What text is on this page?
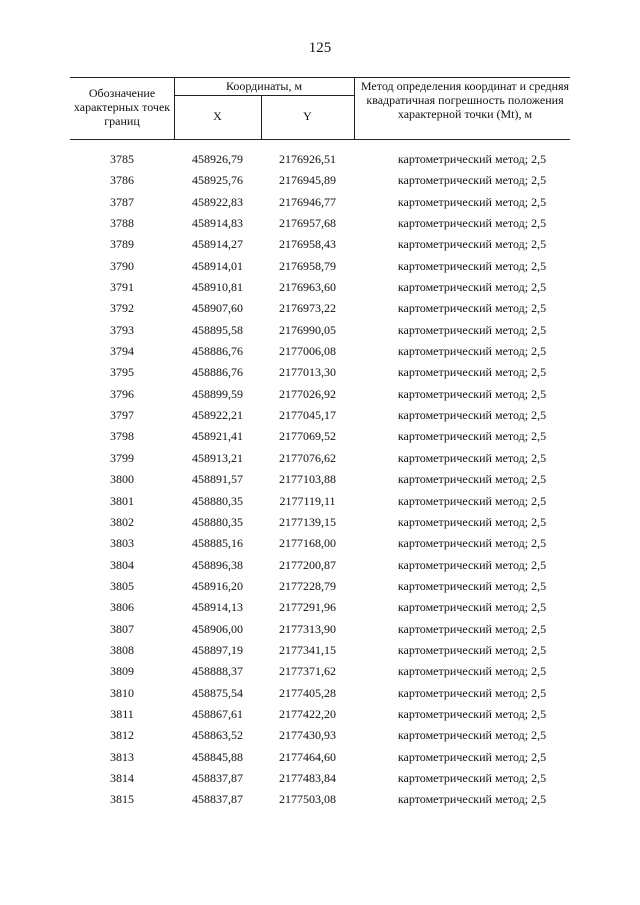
125
Обозначение характерных точек границ
Координаты, м
X	Y
Метод определения координат и средняя квадратичная погрешность положения характерной точки (Mt), м
3785	458926,79	2176926,51	картометрический метод; 2,5
3786	458925,76	2176945,89	картометрический метод; 2,5
3787	458922,83	2176946,77	картометрический метод; 2,5
3788	458914,83	2176957,68	картометрический метод; 2,5
3789	458914,27	2176958,43	картометрический метод; 2,5
3790	458914,01	2176958,79	картометрический метод; 2,5
3791	458910,81	2176963,60	картометрический метод; 2,5
3792	458907,60	2176973,22	картометрический метод; 2,5
3793	458895,58	2176990,05	картометрический метод; 2,5
3794	458886,76	2177006,08	картометрический метод; 2,5
3795	458886,76	2177013,30	картометрический метод; 2,5
3796	458899,59	2177026,92	картометрический метод; 2,5
3797	458922,21	2177045,17	картометрический метод; 2,5
3798	458921,41	2177069,52	картометрический метод; 2,5
3799	458913,21	2177076,62	картометрический метод; 2,5
3800	458891,57	2177103,88	картометрический метод; 2,5
3801	458880,35	2177119,11	картометрический метод; 2,5
3802	458880,35	2177139,15	картометрический метод; 2,5
3803	458885,16	2177168,00	картометрический метод; 2,5
3804	458896,38	2177200,87	картометрический метод; 2,5
3805	458916,20	2177228,79	картометрический метод; 2,5
3806	458914,13	2177291,96	картометрический метод; 2,5
3807	458906,00	2177313,90	картометрический метод; 2,5
3808	458897,19	2177341,15	картометрический метод; 2,5
3809	458888,37	2177371,62	картометрический метод; 2,5
3810	458875,54	2177405,28	картометрический метод; 2,5
3811	458867,61	2177422,20	картометрический метод; 2,5
3812	458863,52	2177430,93	картометрический метод; 2,5
3813	458845,88	2177464,60	картометрический метод; 2,5
3814	458837,87	2177483,84	картометрический метод; 2,5
3815	458837,87	2177503,08	картометрический метод; 2,5
